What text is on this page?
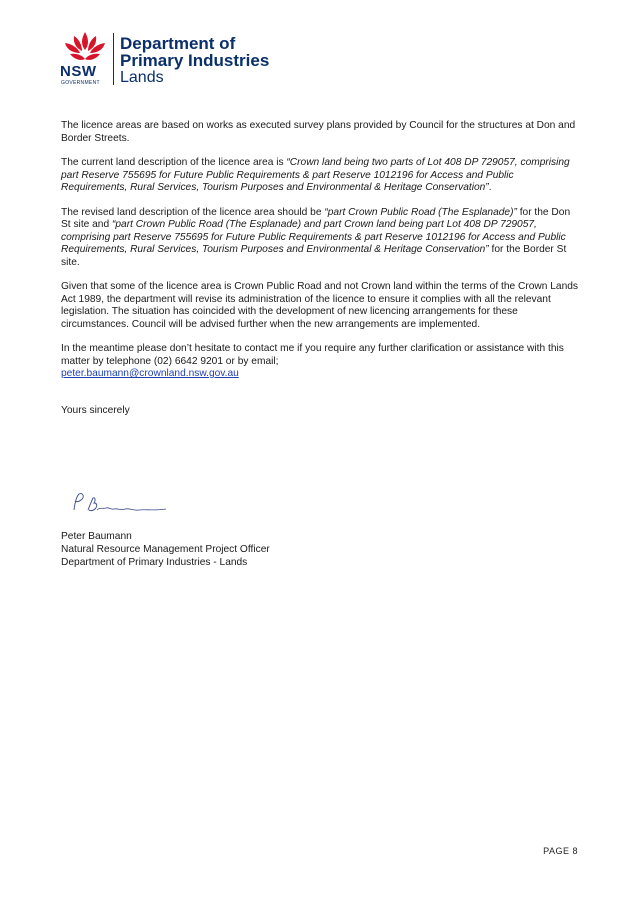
NSW
GOVERNMENT
Department of
Primary Industries
Lands

The licence areas are based on works as executed survey plans provided by Council for the structures at Don and Border Streets.

The current land description of the licence area is “Crown land being two parts of Lot 408 DP 729057, comprising part Reserve 755695 for Future Public Requirements & part Reserve 1012196 for Access and Public Requirements, Rural Services, Tourism Purposes and Environmental & Heritage Conservation”.

The revised land description of the licence area should be “part Crown Public Road (The Esplanade)” for the Don St site and “part Crown Public Road (The Esplanade) and part Crown land being part Lot 408 DP 729057, comprising part Reserve 755695 for Future Public Requirements & part Reserve 1012196 for Access and Public Requirements, Rural Services, Tourism Purposes and Environmental & Heritage Conservation” for the Border St site.

Given that some of the licence area is Crown Public Road and not Crown land within the terms of the Crown Lands Act 1989, the department will revise its administration of the licence to ensure it complies with all the relevant legislation. The situation has coincided with the development of new licencing arrangements for these circumstances. Council will be advised further when the new arrangements are implemented.

In the meantime please don’t hesitate to contact me if you require any further clarification or assistance with this matter by telephone (02) 6642 9201 or by email;
peter.baumann@crownland.nsw.gov.au

Yours sincerely

Peter Baumann
Natural Resource Management Project Officer
Department of Primary Industries - Lands
PAGE 8
